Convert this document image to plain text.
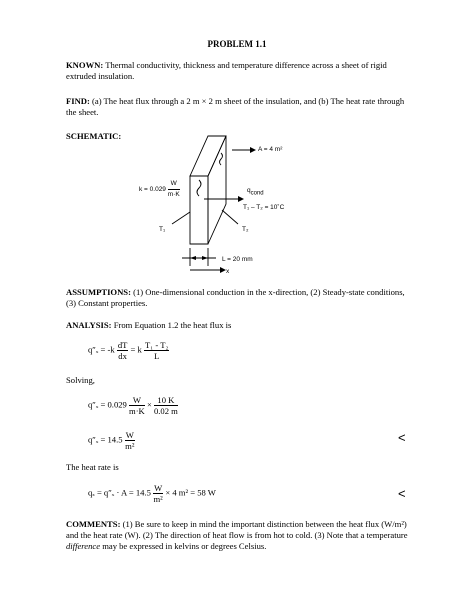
PROBLEM 1.1
KNOWN: Thermal conductivity, thickness and temperature difference across a sheet of rigid extruded insulation.
FIND: (a) The heat flux through a 2 m × 2 m sheet of the insulation, and (b) The heat rate through the sheet.
SCHEMATIC:
A = 4 m²
$k = 0.029 \frac{W}{m\cdot K}$	$q_{cond}$
T₁ – T₂ = 10˚C
T₁	T₂
L = 20 mm
x
ASSUMPTIONS: (1) One-dimensional conduction in the x-direction, (2) Steady-state conditions, (3) Constant properties.
ANALYSIS: From Equation 1.2 the heat flux is
$q''_x = -k \frac{dT}{dx} = k \frac{\text{T₁ - T₂}}{L}$
Solving,
$q''_x = 0.029 \frac{W}{m\cdot K} \times \frac{10 K}{0.02 m}$
$q''_x = 14.5 \frac{W}{\text{m²}}$	<
The heat rate is
$q_x = q''_x \cdot A = 14.5 \frac{W}{\text{m²}} \times 4$ m² = 58 W	<
COMMENTS: (1) Be sure to keep in mind the important distinction between the heat flux (W/m²) and the heat rate (W). (2) The direction of heat flow is from hot to cold. (3) Note that a temperature difference may be expressed in kelvins or degrees Celsius.
